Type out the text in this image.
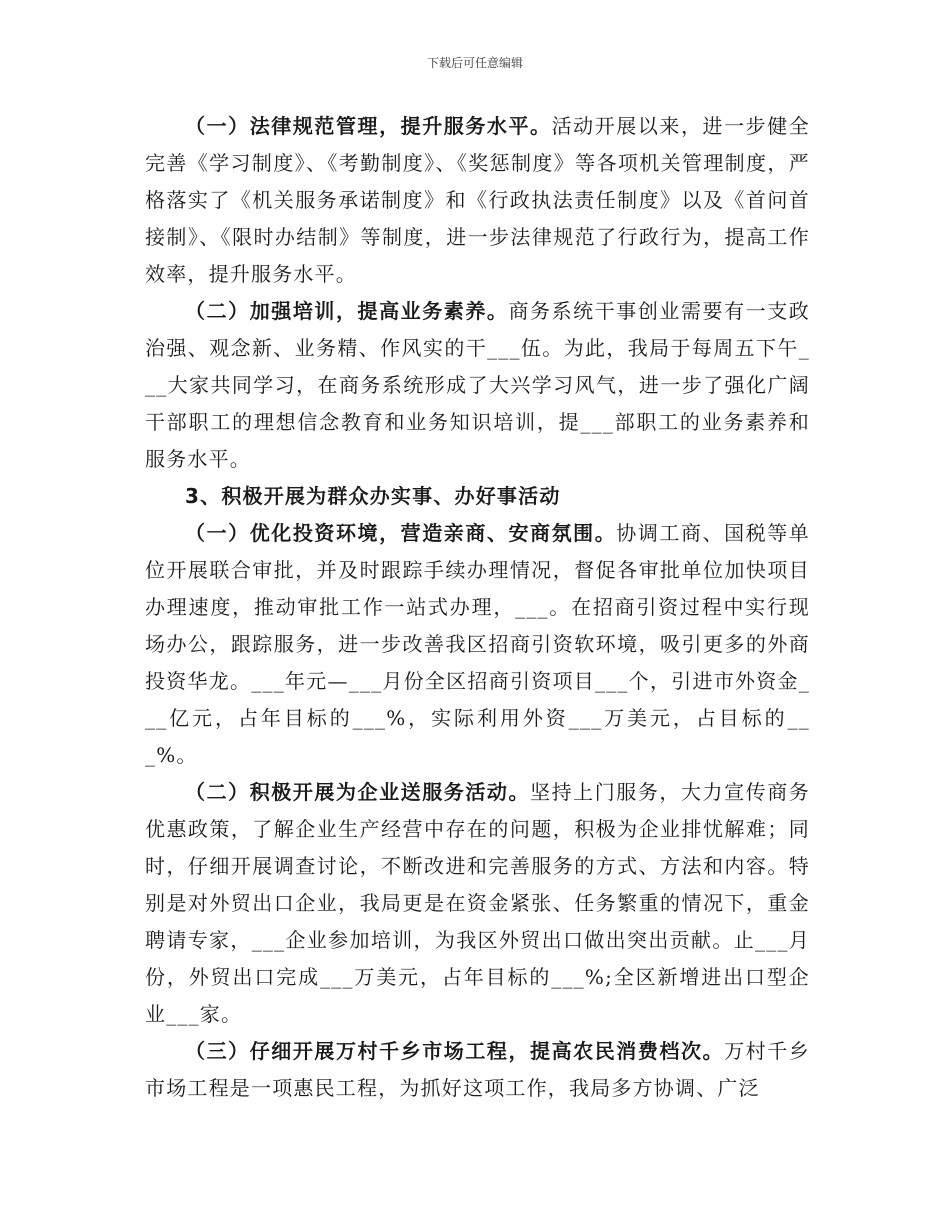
下载后可任意编辑

（一）法律规范管理，提升服务水平。活动开展以来，进一步健全完善《学习制度》、《考勤制度》、《奖惩制度》等各项机关管理制度，严格落实了《机关服务承诺制度》和《行政执法责任制度》以及《首问首接制》、《限时办结制》等制度，进一步法律规范了行政行为，提高工作效率，提升服务水平。

（二）加强培训，提高业务素养。商务系统干事创业需要有一支政治强、观念新、业务精、作风实的干___伍。为此，我局于每周五下午___大家共同学习，在商务系统形成了大兴学习风气，进一步了强化广阔干部职工的理想信念教育和业务知识培训，提___部职工的业务素养和服务水平。

3、积极开展为群众办实事、办好事活动

（一）优化投资环境，营造亲商、安商氛围。协调工商、国税等单位开展联合审批，并及时跟踪手续办理情况，督促各审批单位加快项目办理速度，推动审批工作一站式办理，___。在招商引资过程中实行现场办公，跟踪服务，进一步改善我区招商引资软环境，吸引更多的外商投资华龙。___年元—___月份全区招商引资项目___个，引进市外资金___亿元，占年目标的___%，实际利用外资___万美元，占目标的___%。

（二）积极开展为企业送服务活动。坚持上门服务，大力宣传商务优惠政策，了解企业生产经营中存在的问题，积极为企业排忧解难；同时，仔细开展调查讨论，不断改进和完善服务的方式、方法和内容。特别是对外贸出口企业，我局更是在资金紧张、任务繁重的情况下，重金聘请专家，___企业参加培训，为我区外贸出口做出突出贡献。止___月份，外贸出口完成___万美元，占年目标的___%;全区新增进出口型企业___家。

（三）仔细开展万村千乡市场工程，提高农民消费档次。万村千乡市场工程是一项惠民工程，为抓好这项工作，我局多方协调、广泛
